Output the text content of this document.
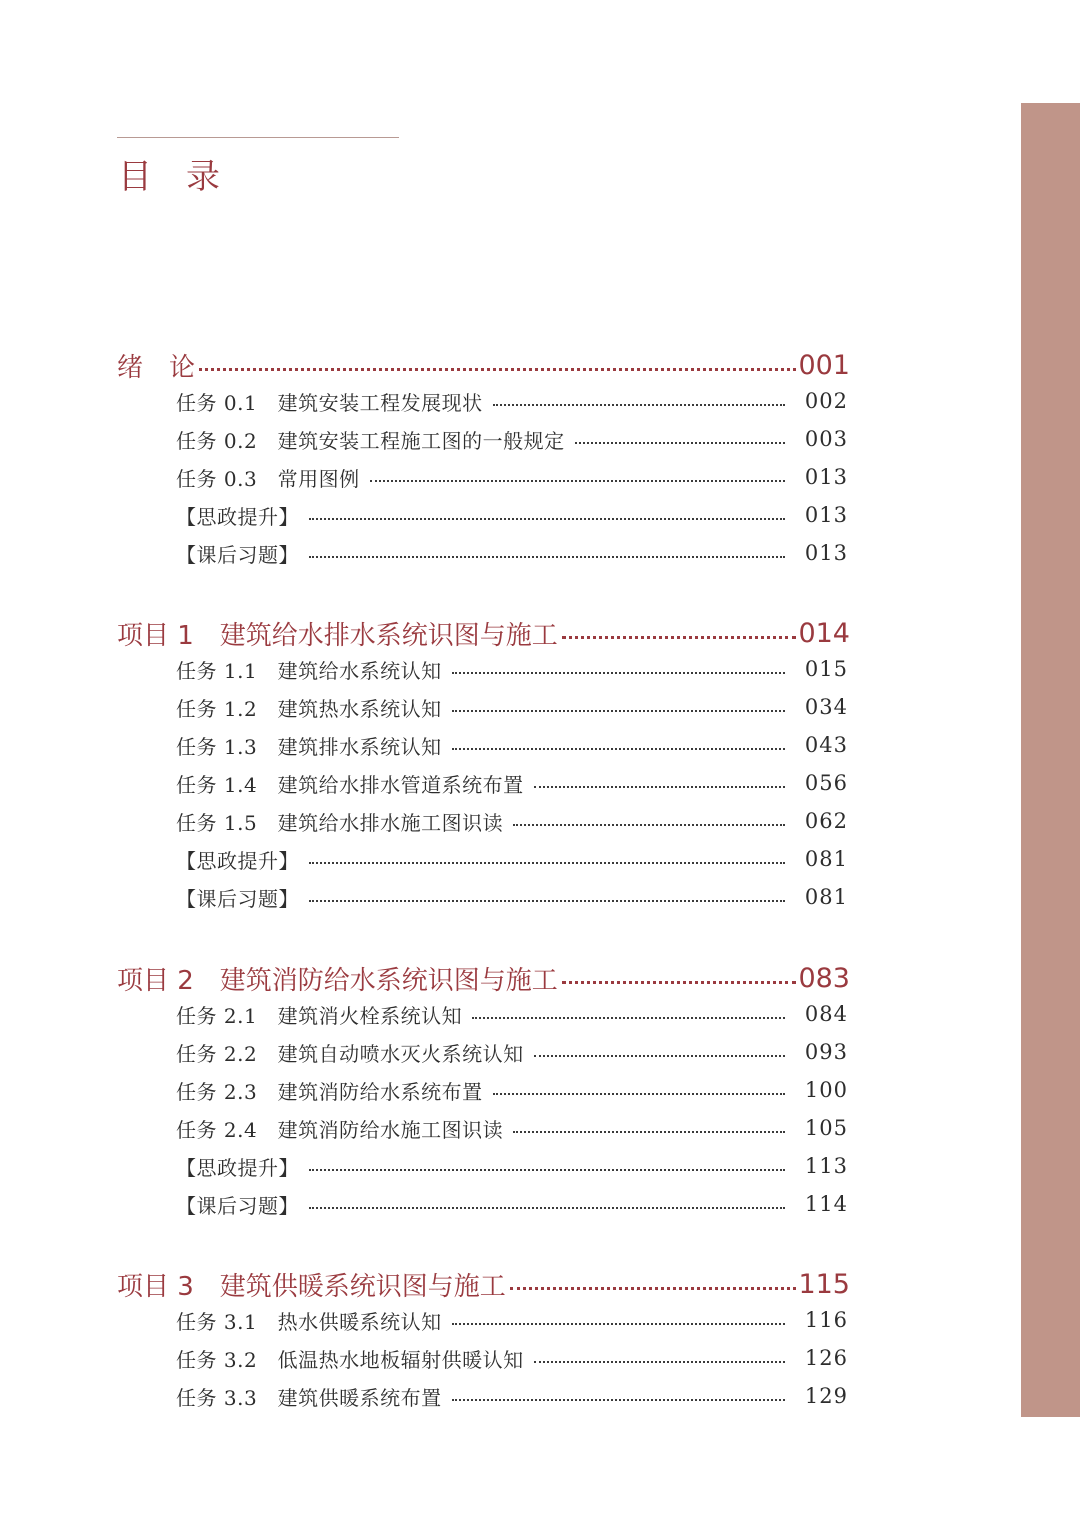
目　录
绪　论	001
任务 0.1　建筑安装工程发展现状	002
任务 0.2　建筑安装工程施工图的一般规定	003
任务 0.3　常用图例	013
【思政提升】	013
【课后习题】	013
项目 1　建筑给水排水系统识图与施工	014
任务 1.1　建筑给水系统认知	015
任务 1.2　建筑热水系统认知	034
任务 1.3　建筑排水系统认知	043
任务 1.4　建筑给水排水管道系统布置	056
任务 1.5　建筑给水排水施工图识读	062
【思政提升】	081
【课后习题】	081
项目 2　建筑消防给水系统识图与施工	083
任务 2.1　建筑消火栓系统认知	084
任务 2.2　建筑自动喷水灭火系统认知	093
任务 2.3　建筑消防给水系统布置	100
任务 2.4　建筑消防给水施工图识读	105
【思政提升】	113
【课后习题】	114
项目 3　建筑供暖系统识图与施工	115
任务 3.1　热水供暖系统认知	116
任务 3.2　低温热水地板辐射供暖认知	126
任务 3.3　建筑供暖系统布置	129
